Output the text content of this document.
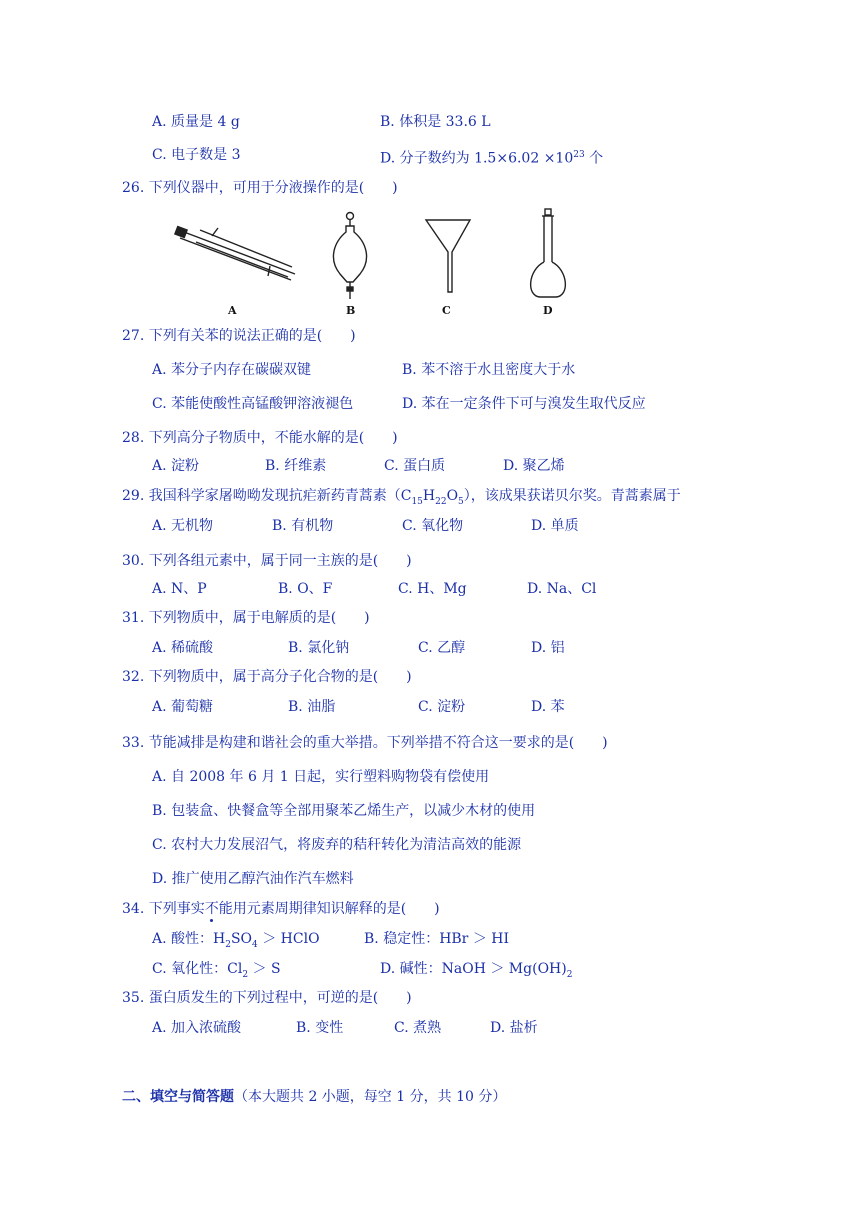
A. 质量是 4 g	B. 体积是 33.6 L
C. 电子数是 3	D. 分子数约为 $1.5\times 6.02 \times 10^{23}$ 个
26. 下列仪器中，可用于分液操作的是(　　)
A	B	C	D
27. 下列有关苯的说法正确的是(　　)
A. 苯分子内存在碳碳双键	B. 苯不溶于水且密度大于水
C. 苯能使酸性高锰酸钾溶液褪色	D. 苯在一定条件下可与溴发生取代反应
28. 下列高分子物质中，不能水解的是(　　)
A. 淀粉	B. 纤维素	C. 蛋白质	D. 聚乙烯
29. 我国科学家屠呦呦发现抗疟新药青蒿素$(C_{15}H_{22}O_5)$，该成果获诺贝尔奖。青蒿素属于
A. 无机物	B. 有机物	C. 氧化物	D. 单质
30. 下列各组元素中，属于同一主族的是(　　)
A. N、P	B. O、F	C. H、Mg	D. Na、Cl
31. 下列物质中，属于电解质的是(　　)
A. 稀硫酸	B. 氯化钠	C. 乙醇	D. 铝
32. 下列物质中，属于高分子化合物的是(　　)
A. 葡萄糖	B. 油脂	C. 淀粉	D. 苯
33. 节能减排是构建和谐社会的重大举措。下列举措不符合这一要求的是(　　)
A. 自 2008 年 6 月 1 日起，实行塑料购物袋有偿使用
B. 包装盒、快餐盒等全部用聚苯乙烯生产，以减少木材的使用
C. 农村大力发展沼气，将废弃的秸秆转化为清洁高效的能源
D. 推广使用乙醇汽油作汽车燃料
34. 下列事实不能用元素周期律知识解释的是(　　)
A. 酸性：$H_2SO_4$ ＞ HClO	B. 稳定性：HBr ＞ HI
C. 氧化性：$Cl_2 > S$	D. 碱性：NaOH ＞ $Mg(OH)_2$
35. 蛋白质发生的下列过程中，可逆的是(　　)
A. 加入浓硫酸	B. 变性	C. 煮熟	D. 盐析
二、填空与简答题（本大题共 2 小题，每空 1 分，共 10 分）
